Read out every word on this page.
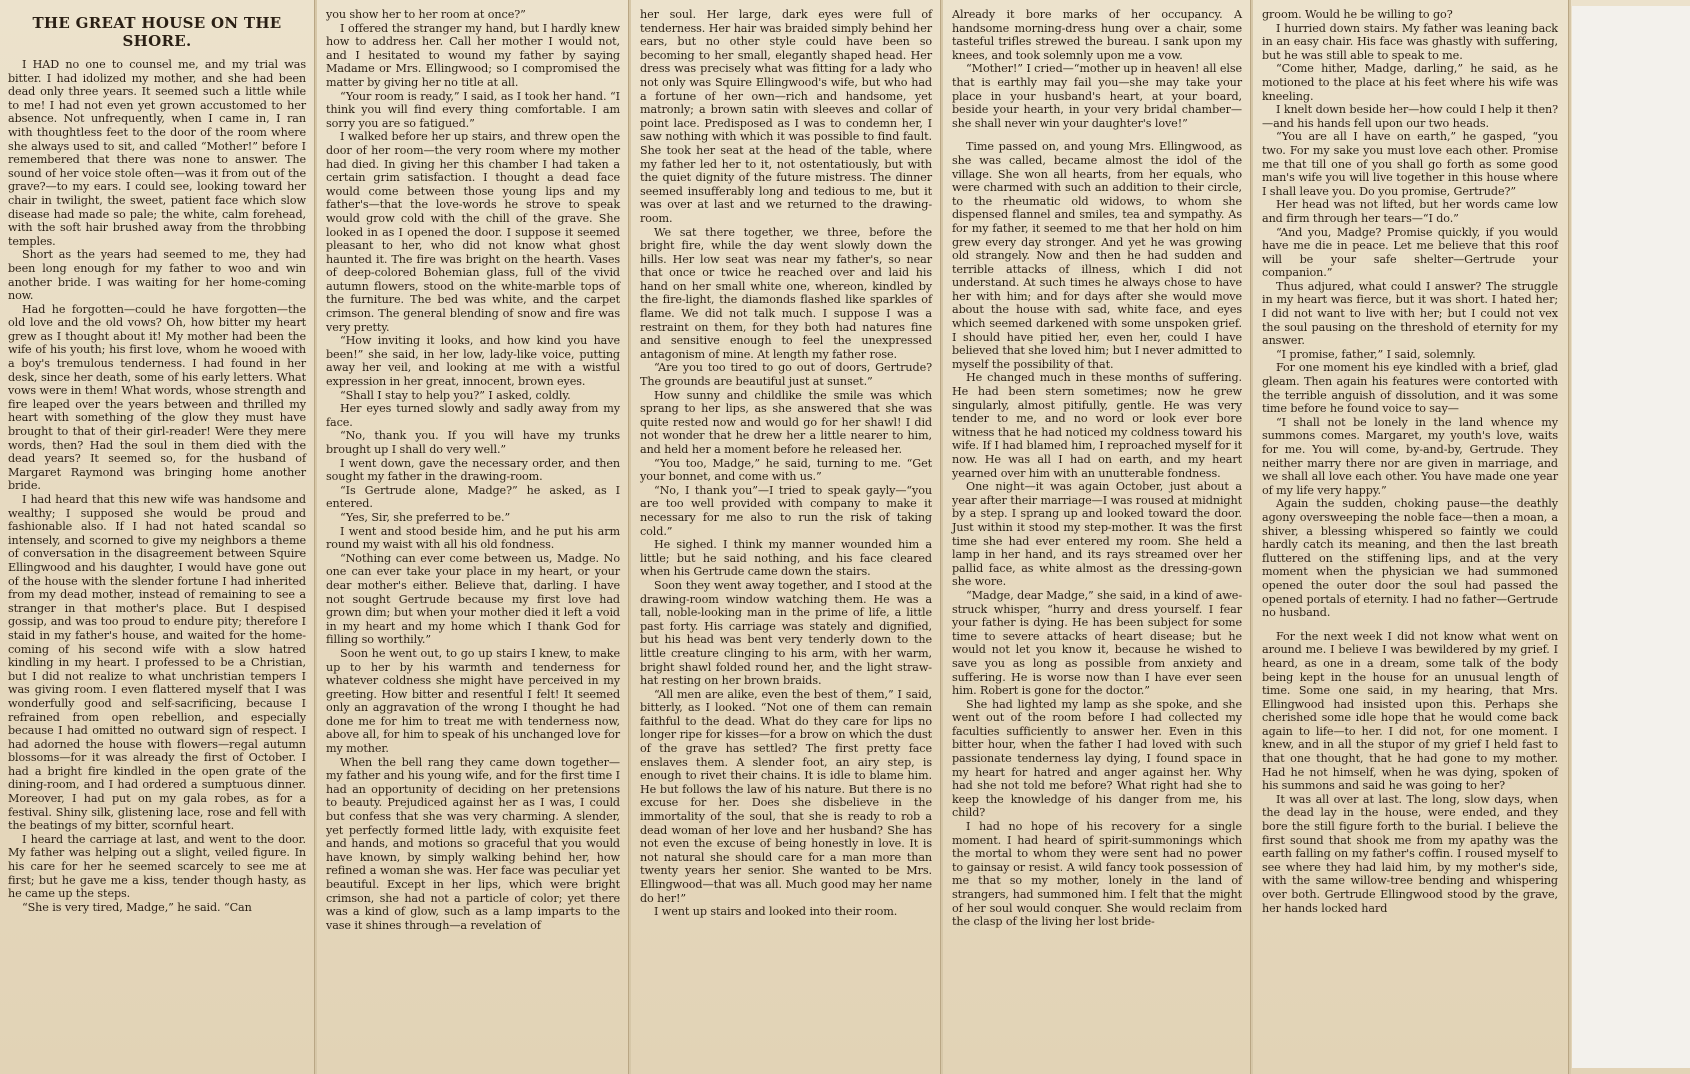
THE GREAT HOUSE ON THE SHORE.

I HAD no one to counsel me, and my trial was bitter. I had idolized my mother, and she had been dead only three years. It seemed such a little while to me! I had not even yet grown accustomed to her absence. Not unfrequently, when I came in, I ran with thoughtless feet to the door of the room where she always used to sit, and called “Mother!” before I remembered that there was none to answer. The sound of her voice stole often—was it from out of the grave?—to my ears. I could see, looking toward her chair in twilight, the sweet, patient face which slow disease had made so pale; the white, calm forehead, with the soft hair brushed away from the throbbing temples.

Short as the years had seemed to me, they had been long enough for my father to woo and win another bride. I was waiting for her home-coming now.

Had he forgotten—could he have forgotten—the old love and the old vows? Oh, how bitter my heart grew as I thought about it! My mother had been the wife of his youth; his first love, whom he wooed with a boy's tremulous tenderness. I had found in her desk, since her death, some of his early letters. What vows were in them! What words, whose strength and fire leaped over the years between and thrilled my heart with something of the glow they must have brought to that of their girl-reader! Were they mere words, then? Had the soul in them died with the dead years? It seemed so, for the husband of Margaret Raymond was bringing home another bride.

I had heard that this new wife was handsome and wealthy; I supposed she would be proud and fashionable also. If I had not hated scandal so intensely, and scorned to give my neighbors a theme of conversation in the disagreement between Squire Ellingwood and his daughter, I would have gone out of the house with the slender fortune I had inherited from my dead mother, instead of remaining to see a stranger in that mother's place. But I despised gossip, and was too proud to endure pity; therefore I staid in my father's house, and waited for the home-coming of his second wife with a slow hatred kindling in my heart. I professed to be a Christian, but I did not realize to what unchristian tempers I was giving room. I even flattered myself that I was wonderfully good and self-sacrificing, because I refrained from open rebellion, and especially because I had omitted no outward sign of respect. I had adorned the house with flowers—regal autumn blossoms—for it was already the first of October. I had a bright fire kindled in the open grate of the dining-room, and I had ordered a sumptuous dinner. Moreover, I had put on my gala robes, as for a festival. Shiny silk, glistening lace, rose and fell with the beatings of my bitter, scornful heart.

I heard the carriage at last, and went to the door. My father was helping out a slight, veiled figure. In his care for her he seemed scarcely to see me at first; but he gave me a kiss, tender though hasty, as he came up the steps.

“She is very tired, Madge,” he said. “Can

you show her to her room at once?”

I offered the stranger my hand, but I hardly knew how to address her. Call her mother I would not, and I hesitated to wound my father by saying Madame or Mrs. Ellingwood; so I compromised the matter by giving her no title at all.

“Your room is ready,” I said, as I took her hand. “I think you will find every thing comfortable. I am sorry you are so fatigued.”

I walked before her up stairs, and threw open the door of her room—the very room where my mother had died. In giving her this chamber I had taken a certain grim satisfaction. I thought a dead face would come between those young lips and my father's—that the love-words he strove to speak would grow cold with the chill of the grave. She looked in as I opened the door. I suppose it seemed pleasant to her, who did not know what ghost haunted it. The fire was bright on the hearth. Vases of deep-colored Bohemian glass, full of the vivid autumn flowers, stood on the white-marble tops of the furniture. The bed was white, and the carpet crimson. The general blending of snow and fire was very pretty.

“How inviting it looks, and how kind you have been!” she said, in her low, lady-like voice, putting away her veil, and looking at me with a wistful expression in her great, innocent, brown eyes.

“Shall I stay to help you?” I asked, coldly.

Her eyes turned slowly and sadly away from my face.

“No, thank you. If you will have my trunks brought up I shall do very well.”

I went down, gave the necessary order, and then sought my father in the drawing-room.

“Is Gertrude alone, Madge?” he asked, as I entered.

“Yes, Sir, she preferred to be.”

I went and stood beside him, and he put his arm round my waist with all his old fondness.

“Nothing can ever come between us, Madge. No one can ever take your place in my heart, or your dear mother's either. Believe that, darling. I have not sought Gertrude because my first love had grown dim; but when your mother died it left a void in my heart and my home which I thank God for filling so worthily.”

Soon he went out, to go up stairs I knew, to make up to her by his warmth and tenderness for whatever coldness she might have perceived in my greeting. How bitter and resentful I felt! It seemed only an aggravation of the wrong I thought he had done me for him to treat me with tenderness now, above all, for him to speak of his unchanged love for my mother.

When the bell rang they came down together—my father and his young wife, and for the first time I had an opportunity of deciding on her pretensions to beauty. Prejudiced against her as I was, I could but confess that she was very charming. A slender, yet perfectly formed little lady, with exquisite feet and hands, and motions so graceful that you would have known, by simply walking behind her, how refined a woman she was. Her face was peculiar yet beautiful. Except in her lips, which were bright crimson, she had not a particle of color; yet there was a kind of glow, such as a lamp imparts to the vase it shines through—a revelation of

her soul. Her large, dark eyes were full of tenderness. Her hair was braided simply behind her ears, but no other style could have been so becoming to her small, elegantly shaped head. Her dress was precisely what was fitting for a lady who not only was Squire Ellingwood's wife, but who had a fortune of her own—rich and handsome, yet matronly; a brown satin with sleeves and collar of point lace. Predisposed as I was to condemn her, I saw nothing with which it was possible to find fault. She took her seat at the head of the table, where my father led her to it, not ostentatiously, but with the quiet dignity of the future mistress. The dinner seemed insufferably long and tedious to me, but it was over at last and we returned to the drawing-room.

We sat there together, we three, before the bright fire, while the day went slowly down the hills. Her low seat was near my father's, so near that once or twice he reached over and laid his hand on her small white one, whereon, kindled by the fire-light, the diamonds flashed like sparkles of flame. We did not talk much. I suppose I was a restraint on them, for they both had natures fine and sensitive enough to feel the unexpressed antagonism of mine. At length my father rose.

“Are you too tired to go out of doors, Gertrude? The grounds are beautiful just at sunset.”

How sunny and childlike the smile was which sprang to her lips, as she answered that she was quite rested now and would go for her shawl! I did not wonder that he drew her a little nearer to him, and held her a moment before he released her.

“You too, Madge,” he said, turning to me. “Get your bonnet, and come with us.”

“No, I thank you”—I tried to speak gayly—“you are too well provided with company to make it necessary for me also to run the risk of taking cold.”

He sighed. I think my manner wounded him a little; but he said nothing, and his face cleared when his Gertrude came down the stairs.

Soon they went away together, and I stood at the drawing-room window watching them. He was a tall, noble-looking man in the prime of life, a little past forty. His carriage was stately and dignified, but his head was bent very tenderly down to the little creature clinging to his arm, with her warm, bright shawl folded round her, and the light straw-hat resting on her brown braids.

“All men are alike, even the best of them,” I said, bitterly, as I looked. “Not one of them can remain faithful to the dead. What do they care for lips no longer ripe for kisses—for a brow on which the dust of the grave has settled? The first pretty face enslaves them. A slender foot, an airy step, is enough to rivet their chains. It is idle to blame him. He but follows the law of his nature. But there is no excuse for her. Does she disbelieve in the immortality of the soul, that she is ready to rob a dead woman of her love and her husband? She has not even the excuse of being honestly in love. It is not natural she should care for a man more than twenty years her senior. She wanted to be Mrs. Ellingwood—that was all. Much good may her name do her!”

I went up stairs and looked into their room.

Already it bore marks of her occupancy. A handsome morning-dress hung over a chair, some tasteful trifles strewed the bureau. I sank upon my knees, and took solemnly upon me a vow.

“Mother!” I cried—“mother up in heaven! all else that is earthly may fail you—she may take your place in your husband's heart, at your board, beside your hearth, in your very bridal chamber—she shall never win your daughter's love!”

Time passed on, and young Mrs. Ellingwood, as she was called, became almost the idol of the village. She won all hearts, from her equals, who were charmed with such an addition to their circle, to the rheumatic old widows, to whom she dispensed flannel and smiles, tea and sympathy. As for my father, it seemed to me that her hold on him grew every day stronger. And yet he was growing old strangely. Now and then he had sudden and terrible attacks of illness, which I did not understand. At such times he always chose to have her with him; and for days after she would move about the house with sad, white face, and eyes which seemed darkened with some unspoken grief. I should have pitied her, even her, could I have believed that she loved him; but I never admitted to myself the possibility of that.

He changed much in these months of suffering. He had been stern sometimes; now he grew singularly, almost pitifully, gentle. He was very tender to me, and no word or look ever bore witness that he had noticed my coldness toward his wife. If I had blamed him, I reproached myself for it now. He was all I had on earth, and my heart yearned over him with an unutterable fondness.

One night—it was again October, just about a year after their marriage—I was roused at midnight by a step. I sprang up and looked toward the door. Just within it stood my step-mother. It was the first time she had ever entered my room. She held a lamp in her hand, and its rays streamed over her pallid face, as white almost as the dressing-gown she wore.

“Madge, dear Madge,” she said, in a kind of awe-struck whisper, “hurry and dress yourself. I fear your father is dying. He has been subject for some time to severe attacks of heart disease; but he would not let you know it, because he wished to save you as long as possible from anxiety and suffering. He is worse now than I have ever seen him. Robert is gone for the doctor.”

She had lighted my lamp as she spoke, and she went out of the room before I had collected my faculties sufficiently to answer her. Even in this bitter hour, when the father I had loved with such passionate tenderness lay dying, I found space in my heart for hatred and anger against her. Why had she not told me before? What right had she to keep the knowledge of his danger from me, his child?

I had no hope of his recovery for a single moment. I had heard of spirit-summonings which the mortal to whom they were sent had no power to gainsay or resist. A wild fancy took possession of me that so my mother, lonely in the land of strangers, had summoned him. I felt that the might of her soul would conquer. She would reclaim from the clasp of the living her lost bride-

groom. Would he be willing to go?

I hurried down stairs. My father was leaning back in an easy chair. His face was ghastly with suffering, but he was still able to speak to me.

“Come hither, Madge, darling,” he said, as he motioned to the place at his feet where his wife was kneeling.

I knelt down beside her—how could I help it then?—and his hands fell upon our two heads.

“You are all I have on earth,” he gasped, “you two. For my sake you must love each other. Promise me that till one of you shall go forth as some good man's wife you will live together in this house where I shall leave you. Do you promise, Gertrude?”

Her head was not lifted, but her words came low and firm through her tears—“I do.”

“And you, Madge? Promise quickly, if you would have me die in peace. Let me believe that this roof will be your safe shelter—Gertrude your companion.”

Thus adjured, what could I answer? The struggle in my heart was fierce, but it was short. I hated her; I did not want to live with her; but I could not vex the soul pausing on the threshold of eternity for my answer.

“I promise, father,” I said, solemnly.

For one moment his eye kindled with a brief, glad gleam. Then again his features were contorted with the terrible anguish of dissolution, and it was some time before he found voice to say—

“I shall not be lonely in the land whence my summons comes. Margaret, my youth's love, waits for me. You will come, by-and-by, Gertrude. They neither marry there nor are given in marriage, and we shall all love each other. You have made one year of my life very happy.”

Again the sudden, choking pause—the deathly agony oversweeping the noble face—then a moan, a shiver, a blessing whispered so faintly we could hardly catch its meaning, and then the last breath fluttered on the stiffening lips, and at the very moment when the physician we had summoned opened the outer door the soul had passed the opened portals of eternity. I had no father—Gertrude no husband.

For the next week I did not know what went on around me. I believe I was bewildered by my grief. I heard, as one in a dream, some talk of the body being kept in the house for an unusual length of time. Some one said, in my hearing, that Mrs. Ellingwood had insisted upon this. Perhaps she cherished some idle hope that he would come back again to life—to her. I did not, for one moment. I knew, and in all the stupor of my grief I held fast to that one thought, that he had gone to my mother. Had he not himself, when he was dying, spoken of his summons and said he was going to her?

It was all over at last. The long, slow days, when the dead lay in the house, were ended, and they bore the still figure forth to the burial. I believe the first sound that shook me from my apathy was the earth falling on my father's coffin. I roused myself to see where they had laid him, by my mother's side, with the same willow-tree bending and whispering over both. Gertrude Ellingwood stood by the grave, her hands locked hard
